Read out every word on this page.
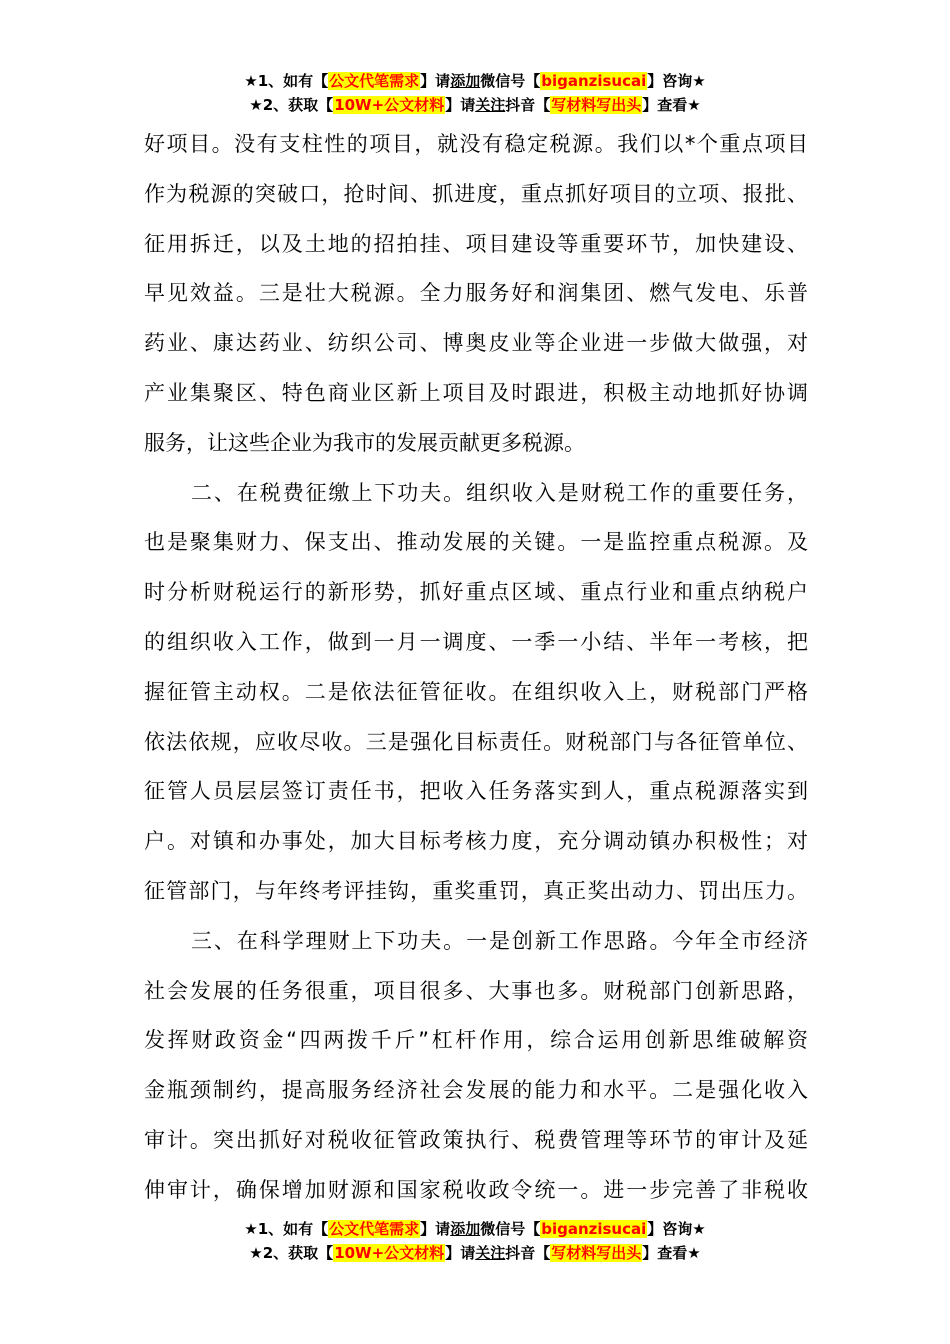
★1、如有【公文代笔需求】请添加微信号【biganzisucai】咨询★
★2、获取【10W+公文材料】请关注抖音【写材料写出头】查看★
好项目。没有支柱性的项目，就没有稳定税源。我们以*个重点项目
作为税源的突破口，抢时间、抓进度，重点抓好项目的立项、报批、
征用拆迁，以及土地的招拍挂、项目建设等重要环节，加快建设、
早见效益。三是壮大税源。全力服务好和润集团、燃气发电、乐普
药业、康达药业、纺织公司、博奥皮业等企业进一步做大做强，对
产业集聚区、特色商业区新上项目及时跟进，积极主动地抓好协调
服务，让这些企业为我市的发展贡献更多税源。
二、在税费征缴上下功夫。组织收入是财税工作的重要任务，
也是聚集财力、保支出、推动发展的关键。一是监控重点税源。及
时分析财税运行的新形势，抓好重点区域、重点行业和重点纳税户
的组织收入工作，做到一月一调度、一季一小结、半年一考核，把
握征管主动权。二是依法征管征收。在组织收入上，财税部门严格
依法依规，应收尽收。三是强化目标责任。财税部门与各征管单位、
征管人员层层签订责任书，把收入任务落实到人，重点税源落实到
户。对镇和办事处，加大目标考核力度，充分调动镇办积极性；对
征管部门，与年终考评挂钩，重奖重罚，真正奖出动力、罚出压力。
三、在科学理财上下功夫。一是创新工作思路。今年全市经济
社会发展的任务很重，项目很多、大事也多。财税部门创新思路，
发挥财政资金“四两拨千斤”杠杆作用，综合运用创新思维破解资
金瓶颈制约，提高服务经济社会发展的能力和水平。二是强化收入
审计。突出抓好对税收征管政策执行、税费管理等环节的审计及延
伸审计，确保增加财源和国家税收政令统一。进一步完善了非税收
★1、如有【公文代笔需求】请添加微信号【biganzisucai】咨询★
★2、获取【10W+公文材料】请关注抖音【写材料写出头】查看★
